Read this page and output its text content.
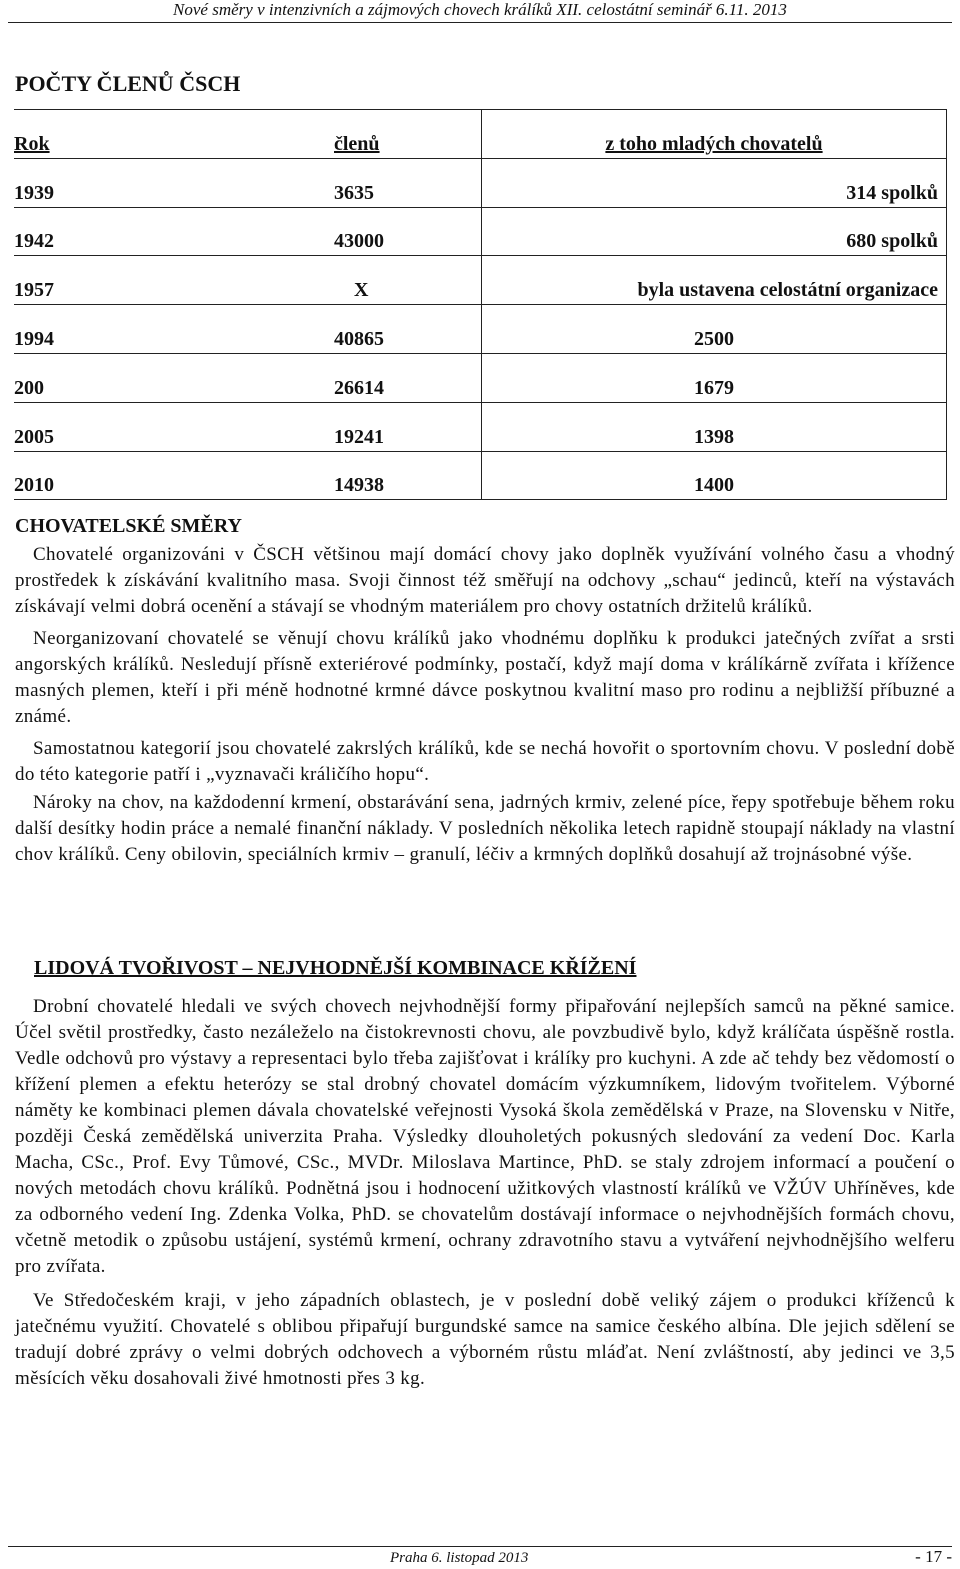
Nové směry v intenzivních a zájmových chovech králíků XII. celostátní seminář 6.11. 2013
POČTY ČLENŮ ČSCH
Rok	členů	z toho mladých chovatelů
1939	3635	314 spolků
1942	43000	680 spolků
1957	X	byla ustavena celostátní organizace
1994	40865	2500
200	26614	1679
2005	19241	1398
2010	14938	1400
CHOVATELSKÉ SMĚRY

Chovatelé organizováni v ČSCH většinou mají domácí chovy jako doplněk využívání volného času a vhodný prostředek k získávání kvalitního masa. Svoji činnost též směřují na odchovy „schau“ jedinců, kteří na výstavách získávají velmi dobrá ocenění a stávají se vhodným materiálem pro chovy ostatních držitelů králíků.

Neorganizovaní chovatelé se věnují chovu králíků jako vhodnému doplňku k produkci jatečných zvířat a srsti angorských králíků. Nesledují přísně exteriérové podmínky, postačí, když mají doma v králíkárně zvířata i křížence masných plemen, kteří i při méně hodnotné krmné dávce poskytnou kvalitní maso pro rodinu a nejbližší příbuzné a známé.

Samostatnou kategorií jsou chovatelé zakrslých králíků, kde se nechá hovořit o sportovním chovu. V poslední době do této kategorie patří i „vyznavači králičího hopu“.

Nároky na chov, na každodenní krmení, obstarávání sena, jadrných krmiv, zelené píce, řepy spotřebuje během roku další desítky hodin práce a nemalé finanční náklady. V posledních několika letech rapidně stoupají náklady na vlastní chov králíků. Ceny obilovin, speciálních krmiv – granulí, léčiv a krmných doplňků dosahují až trojnásobné výše.

LIDOVÁ TVOŘIVOST – NEJVHODNĚJŠÍ KOMBINACE KŘÍŽENÍ

Drobní chovatelé hledali ve svých chovech nejvhodnější formy připařování nejlepších samců na pěkné samice. Účel světil prostředky, často nezáleželo na čistokrevnosti chovu, ale povzbudivě bylo, když králíčata úspěšně rostla. Vedle odchovů pro výstavy a representaci bylo třeba zajišťovat i králíky pro kuchyni. A zde ač tehdy bez vědomostí o křížení plemen a efektu heterózy se stal drobný chovatel domácím výzkumníkem, lidovým tvořitelem. Výborné náměty ke kombinaci plemen dávala chovatelské veřejnosti Vysoká škola zemědělská v Praze, na Slovensku v Nitře, později Česká zemědělská univerzita Praha. Výsledky dlouholetých pokusných sledování za vedení Doc. Karla Macha, CSc., Prof. Evy Tůmové, CSc., MVDr. Miloslava Martince, PhD. se staly zdrojem informací a poučení o nových metodách chovu králíků. Podnětná jsou i hodnocení užitkových vlastností králíků ve VŽÚV Uhříněves, kde za odborného vedení Ing. Zdenka Volka, PhD. se chovatelům dostávají informace o nejvhodnějších formách chovu, včetně metodik o způsobu ustájení, systémů krmení, ochrany zdravotního stavu a vytváření nejvhodnějšího welferu pro zvířata.

Ve Středočeském kraji, v jeho západních oblastech, je v poslední době veliký zájem o produkci kříženců k jatečnému využití. Chovatelé s oblibou připařují burgundské samce na samice českého albína. Dle jejich sdělení se tradují dobré zprávy o velmi dobrých odchovech a výborném růstu mláďat. Není zvláštností, aby jedinci ve 3,5 měsících věku dosahovali živé hmotnosti přes 3 kg.

Praha 6. listopad 2013	- 17 -
